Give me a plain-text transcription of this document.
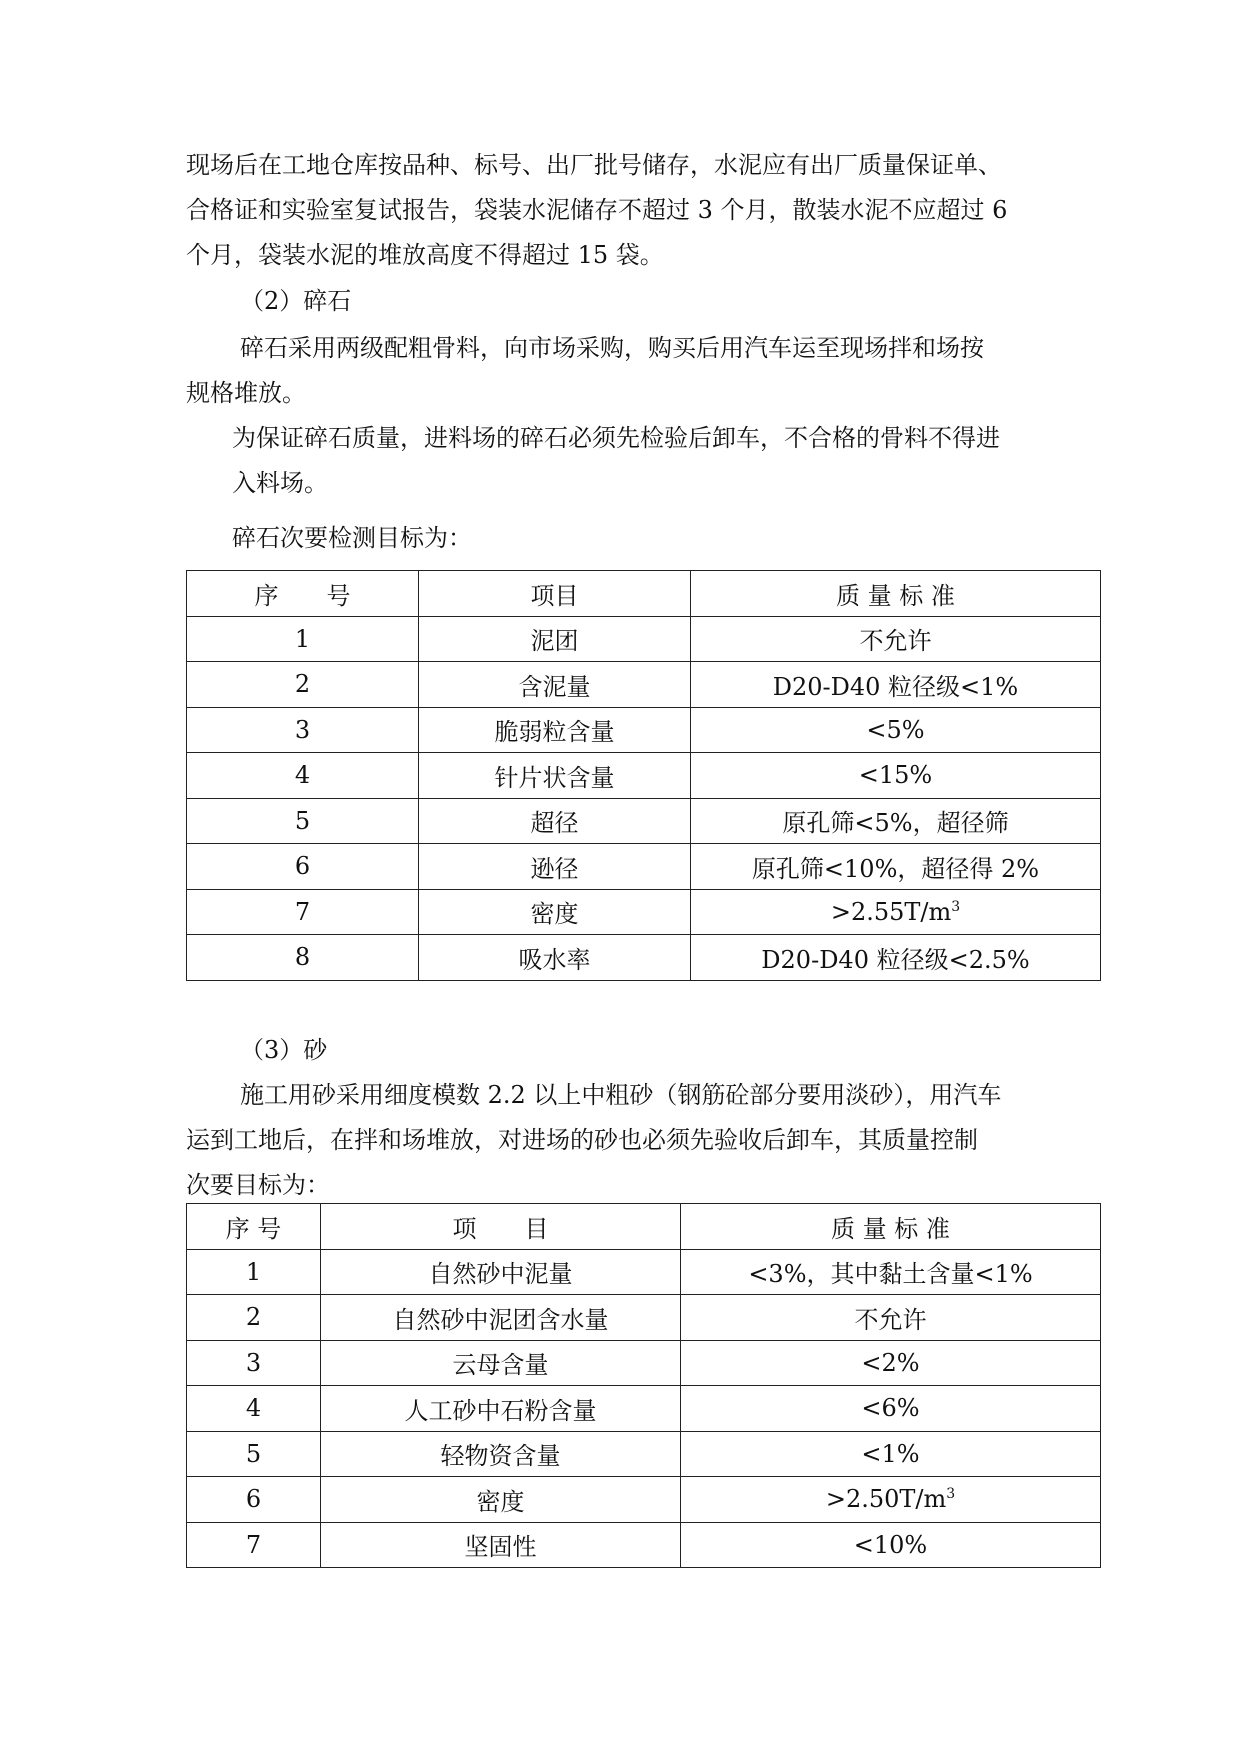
现场后在工地仓库按品种、标号、出厂批号储存，水泥应有出厂质量保证单、
合格证和实验室复试报告，袋装水泥储存不超过 3 个月，散装水泥不应超过 6
个月，袋装水泥的堆放高度不得超过 15 袋。
（2）碎石
碎石采用两级配粗骨料，向市场采购，购买后用汽车运至现场拌和场按
规格堆放。
为保证碎石质量，进料场的碎石必须先检验后卸车，不合格的骨料不得进
入料场。
碎石次要检测目标为：
序　　号	项目	质 量 标 准
1	泥团	不允许
2	含泥量	D20-D40 粒径级<1%
3	脆弱粒含量	<5%
4	针片状含量	<15%
5	超径	原孔筛<5%，超径筛
6	逊径	原孔筛<10%，超径得 2%
7	密度	$>2.55T/m^3$
8	吸水率	D20-D40 粒径级<2.5%
（3）砂
施工用砂采用细度模数 2.2 以上中粗砂（钢筋砼部分要用淡砂），用汽车
运到工地后，在拌和场堆放，对进场的砂也必须先验收后卸车，其质量控制
次要目标为：
序 号	项　　目	质 量 标 准
1	自然砂中泥量	<3%，其中黏土含量<1%
2	自然砂中泥团含水量	不允许
3	云母含量	<2%
4	人工砂中石粉含量	<6%
5	轻物资含量	<1%
6	密度	$>2.50T/m^3$
7	坚固性	<10%
